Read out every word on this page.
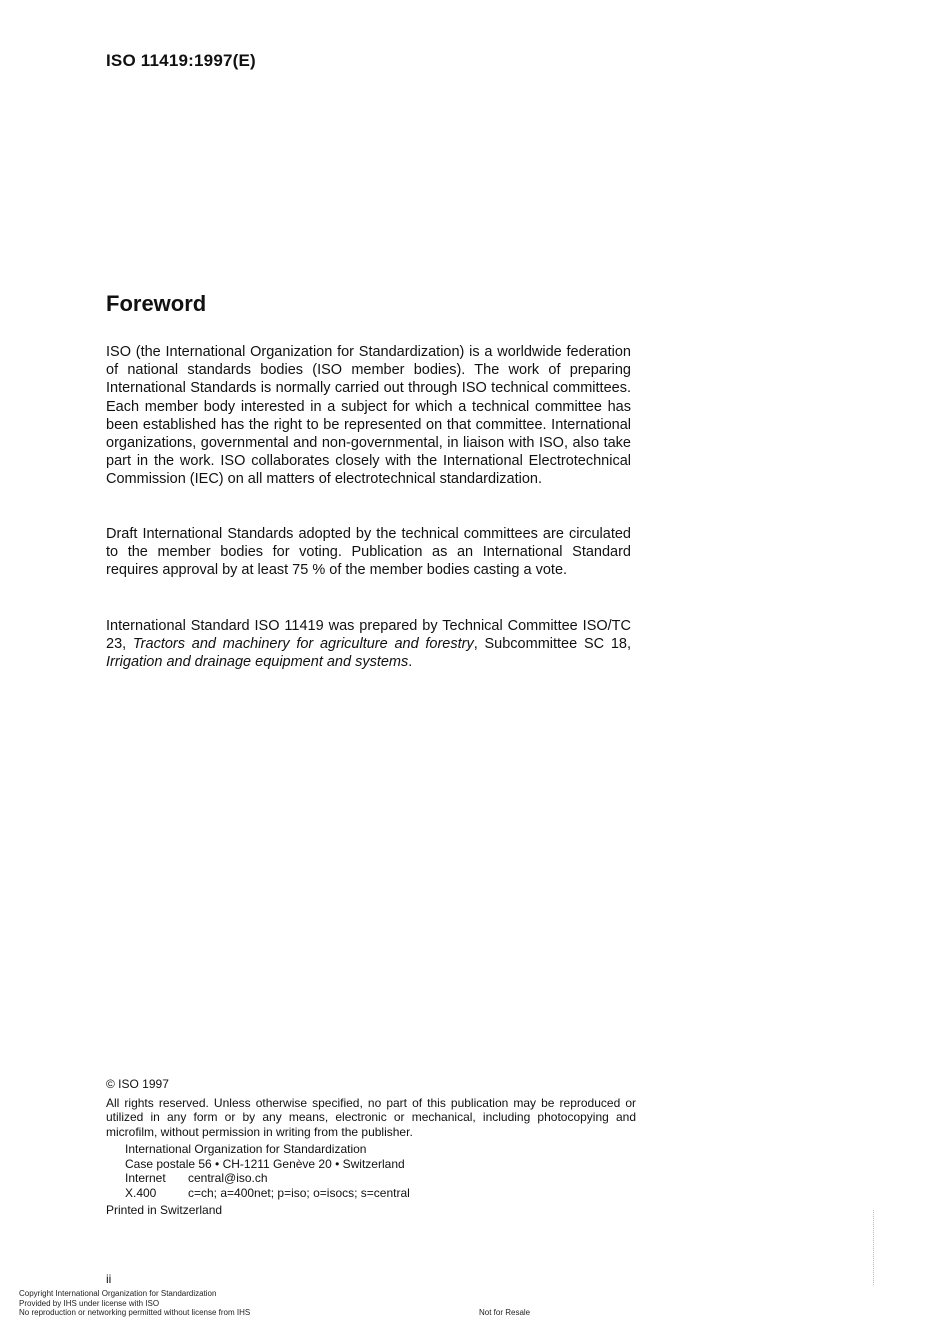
ISO 11419:1997(E)
Foreword

ISO (the International Organization for Standardization) is a worldwide federation of national standards bodies (ISO member bodies). The work of preparing International Standards is normally carried out through ISO technical committees. Each member body interested in a subject for which a technical committee has been established has the right to be represented on that committee. International organizations, governmental and non-governmental, in liaison with ISO, also take part in the work. ISO collaborates closely with the International Electrotechnical Commission (IEC) on all matters of electrotechnical standardization.

Draft International Standards adopted by the technical committees are circulated to the member bodies for voting. Publication as an International Standard requires approval by at least 75 % of the member bodies casting a vote.

International Standard ISO 11419 was prepared by Technical Committee ISO/TC 23, Tractors and machinery for agriculture and forestry, Subcommittee SC 18, Irrigation and drainage equipment and systems.

© ISO 1997
All rights reserved. Unless otherwise specified, no part of this publication may be reproduced or utilized in any form or by any means, electronic or mechanical, including photocopying and microfilm, without permission in writing from the publisher.
International Organization for Standardization
Case postale 56 • CH-1211 Genève 20 • Switzerland
Internet central@iso.ch
X.400	c=ch; a=400net; p=iso; o=isocs; s=central
Printed in Switzerland
ii
Copyright International Organization for Standardization
Provided by IHS under license with ISO
No reproduction or networking permitted without license from IHS	Not for Resale
